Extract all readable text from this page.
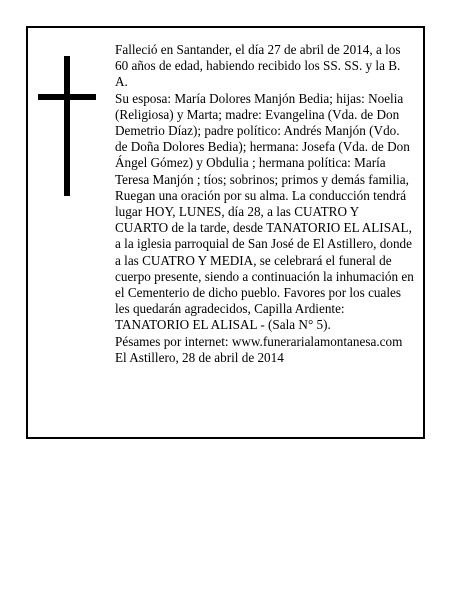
Falleció en Santander, el día 27 de abril de 2014, a los 60 años de edad, habiendo recibido los SS. SS. y la B. A.

Su esposa: María Dolores Manjón Bedia; hijas: Noelia (Religiosa) y Marta; madre: Evangelina (Vda. de Don Demetrio Díaz); padre político: Andrés Manjón (Vdo. de Doña Dolores Bedia); hermana: Josefa (Vda. de Don Ángel Gómez) y Obdulia ; hermana política: María Teresa Manjón ; tíos; sobrinos; primos y demás familia,

Ruegan una oración por su alma. La conducción tendrá lugar HOY, LUNES, día 28, a las CUATRO Y CUARTO de la tarde, desde TANATORIO EL ALISAL, a la iglesia parroquial de San José de El Astillero, donde a las CUATRO Y MEDIA, se celebrará el funeral de cuerpo presente, siendo a continuación la inhumación en el Cementerio de dicho pueblo. Favores por los cuales les quedarán agradecidos, Capilla Ardiente: TANATORIO EL ALISAL - (Sala N° 5).

Pésames por internet: www.funerarialamontanesa.com

El Astillero, 28 de abril de 2014
